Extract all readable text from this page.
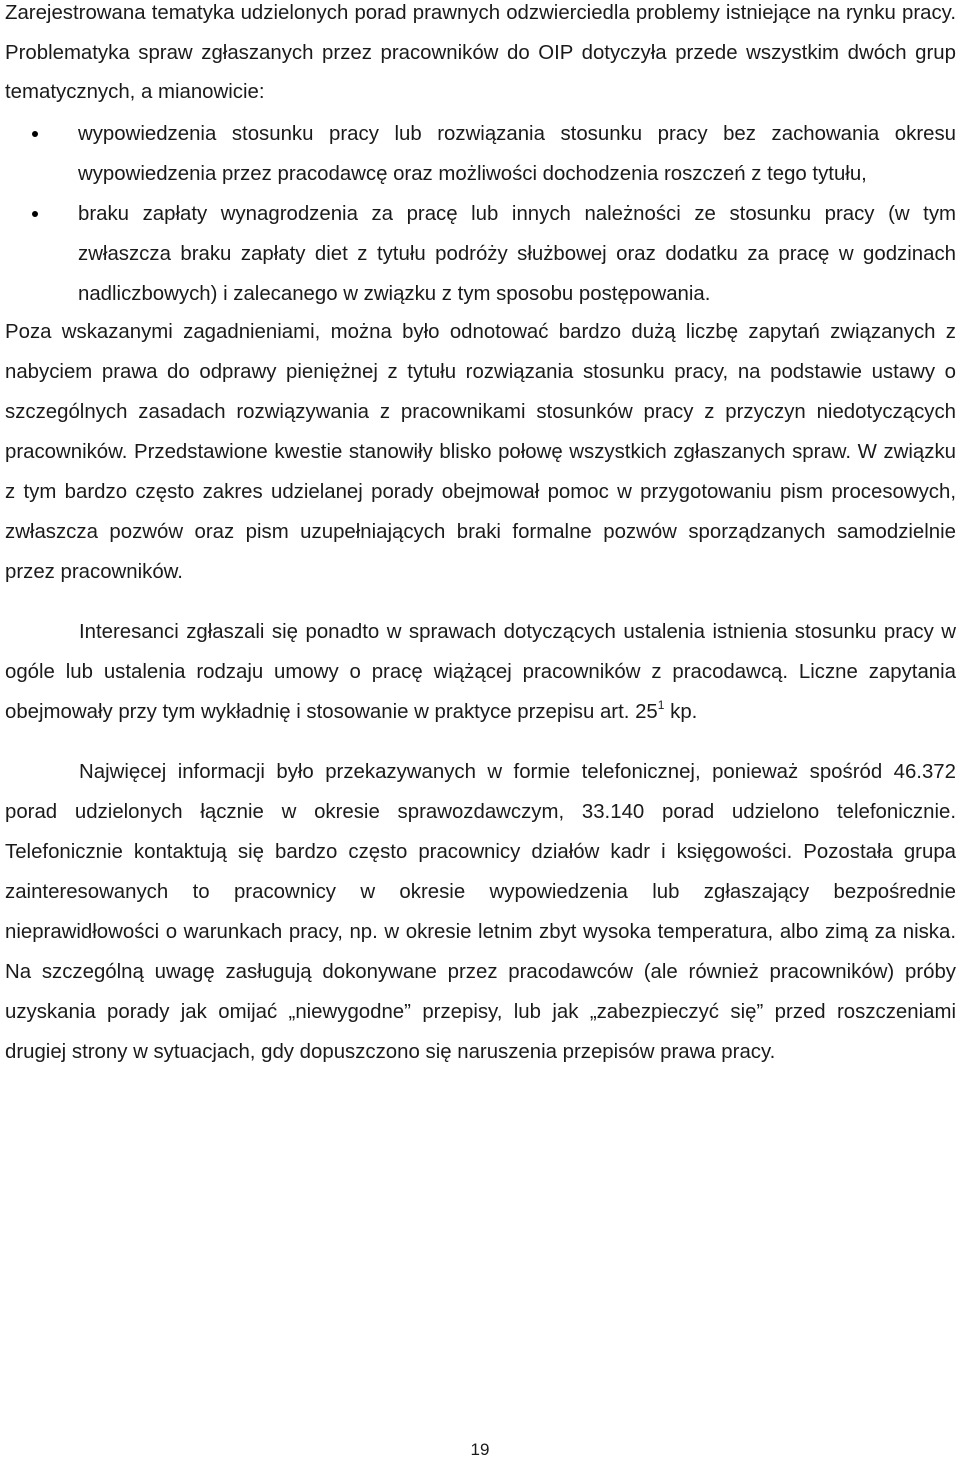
Zarejestrowana tematyka udzielonych porad prawnych odzwierciedla problemy istniejące na rynku pracy. Problematyka spraw zgłaszanych przez pracowników do OIP dotyczyła przede wszystkim dwóch grup tematycznych, a mianowicie:

wypowiedzenia stosunku pracy lub rozwiązania stosunku pracy bez zachowania okresu wypowiedzenia przez pracodawcę oraz możliwości dochodzenia roszczeń z tego tytułu,
braku zapłaty wynagrodzenia za pracę lub innych należności ze stosunku pracy (w tym zwłaszcza braku zapłaty diet z tytułu podróży służbowej oraz dodatku za pracę w godzinach nadliczbowych) i zalecanego w związku z tym sposobu postępowania.

Poza wskazanymi zagadnieniami, można było odnotować bardzo dużą liczbę zapytań związanych z nabyciem prawa do odprawy pieniężnej z tytułu rozwiązania stosunku pracy, na podstawie ustawy o szczególnych zasadach rozwiązywania z pracownikami stosunków pracy z przyczyn niedotyczących pracowników. Przedstawione kwestie stanowiły blisko połowę wszystkich zgłaszanych spraw. W związku z tym bardzo często zakres udzielanej porady obejmował pomoc w przygotowaniu pism procesowych, zwłaszcza pozwów oraz pism uzupełniających braki formalne pozwów sporządzanych samodzielnie przez pracowników.

Interesanci zgłaszali się ponadto w sprawach dotyczących ustalenia istnienia stosunku pracy w ogóle lub ustalenia rodzaju umowy o pracę wiążącej pracowników z pracodawcą. Liczne zapytania obejmowały przy tym wykładnię i stosowanie w praktyce przepisu art. $25^1$ kp.

Najwięcej informacji było przekazywanych w formie telefonicznej, ponieważ spośród 46.372 porad udzielonych łącznie w okresie sprawozdawczym, 33.140 porad udzielono telefonicznie. Telefonicznie kontaktują się bardzo często pracownicy działów kadr i księgowości. Pozostała grupa zainteresowanych to pracownicy w okresie wypowiedzenia lub zgłaszający bezpośrednie nieprawidłowości o warunkach pracy, np. w okresie letnim zbyt wysoka temperatura, albo zimą za niska. Na szczególną uwagę zasługują dokonywane przez pracodawców (ale również pracowników) próby uzyskania porady jak omijać „niewygodne” przepisy, lub jak „zabezpieczyć się” przed roszczeniami drugiej strony w sytuacjach, gdy dopuszczono się naruszenia przepisów prawa pracy.

19
